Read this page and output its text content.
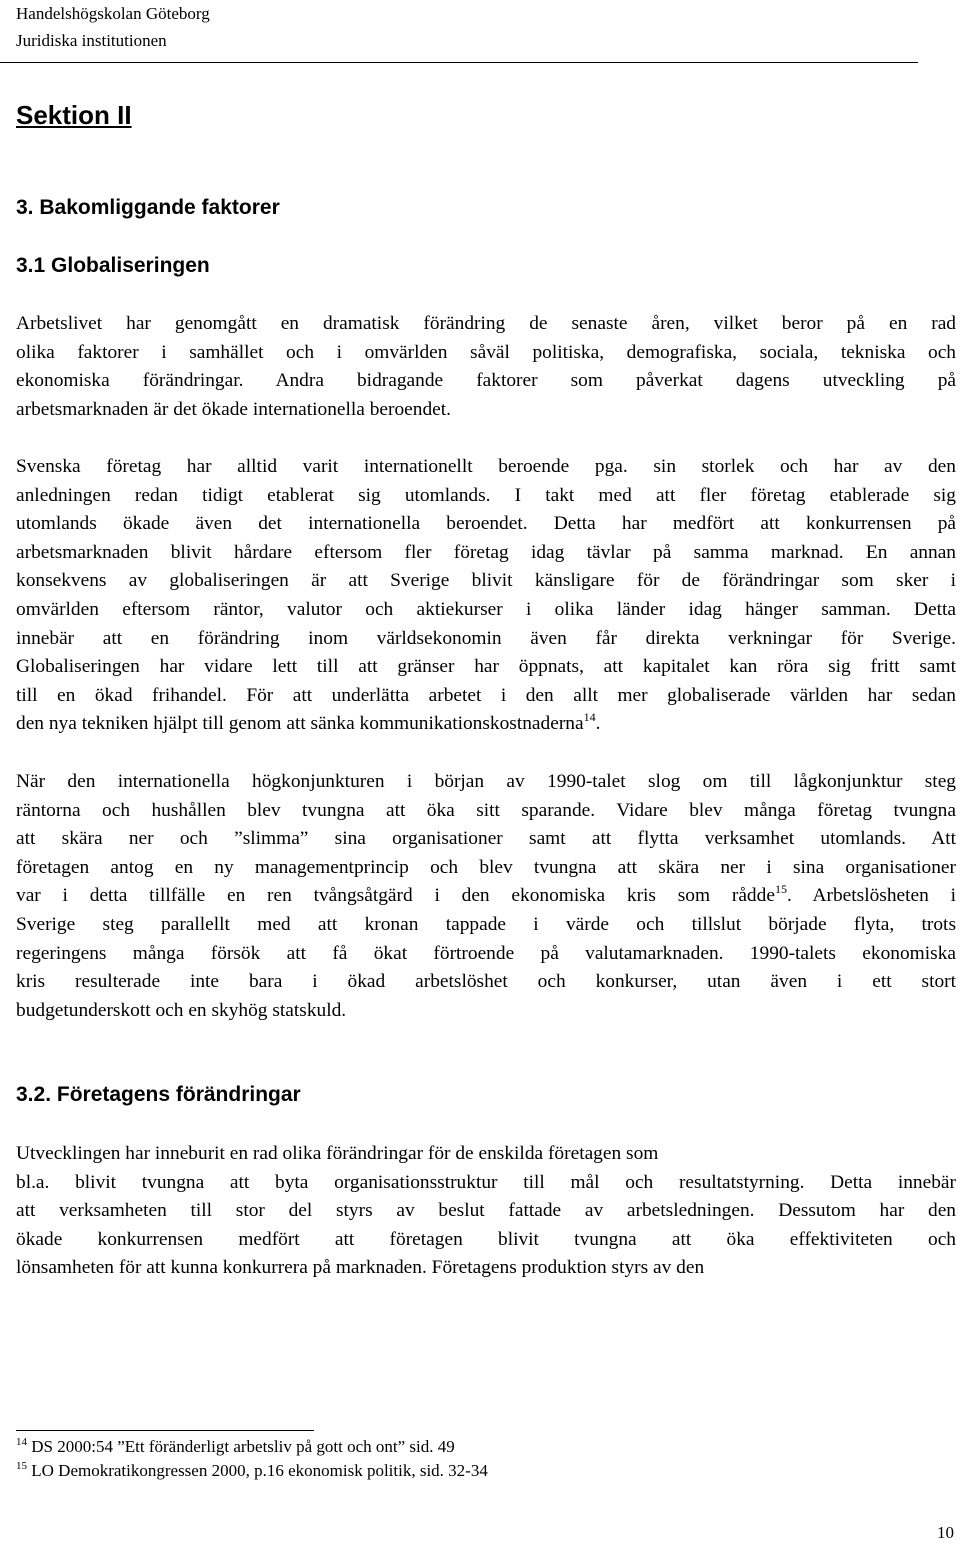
Handelshögskolan Göteborg
Juridiska institutionen
Sektion II
3. Bakomliggande faktorer
3.1 Globaliseringen
Arbetslivet har genomgått en dramatisk förändring de senaste åren, vilket beror på en rad
olika faktorer i samhället och i omvärlden såväl politiska, demografiska, sociala, tekniska och
ekonomiska förändringar. Andra bidragande faktorer som påverkat dagens utveckling på
arbetsmarknaden är det ökade internationella beroendet.
Svenska företag har alltid varit internationellt beroende pga. sin storlek och har av den
anledningen redan tidigt etablerat sig utomlands. I takt med att fler företag etablerade sig
utomlands ökade även det internationella beroendet. Detta har medfört att konkurrensen på
arbetsmarknaden blivit hårdare eftersom fler företag idag tävlar på samma marknad. En annan
konsekvens av globaliseringen är att Sverige blivit känsligare för de förändringar som sker i
omvärlden eftersom räntor, valutor och aktiekurser i olika länder idag hänger samman. Detta
innebär att en förändring inom världsekonomin även får direkta verkningar för Sverige.
Globaliseringen har vidare lett till att gränser har öppnats, att kapitalet kan röra sig fritt samt
till en ökad frihandel. För att underlätta arbetet i den allt mer globaliserade världen har sedan
den nya tekniken hjälpt till genom att sänka kommunikationskostnaderna$^{14}$.
När den internationella högkonjunkturen i början av 1990-talet slog om till lågkonjunktur steg
räntorna och hushållen blev tvungna att öka sitt sparande. Vidare blev många företag tvungna
att skära ner och ”slimma” sina organisationer samt att flytta verksamhet utomlands. Att
företagen antog en ny managementprincip och blev tvungna att skära ner i sina organisationer
var i detta tillfälle en ren tvångsåtgärd i den ekonomiska kris som rådde$^{15}$. Arbetslösheten i
Sverige steg parallellt med att kronan tappade i värde och tillslut började flyta, trots
regeringens många försök att få ökat förtroende på valutamarknaden. 1990-talets ekonomiska
kris resulterade inte bara i ökad arbetslöshet och konkurser, utan även i ett stort
budgetunderskott och en skyhög statskuld.
3.2. Företagens förändringar
Utvecklingen har inneburit en rad olika förändringar för de enskilda företagen som
bl.a. blivit tvungna att byta organisationsstruktur till mål och resultatstyrning. Detta innebär
att verksamheten till stor del styrs av beslut fattade av arbetsledningen. Dessutom har den
ökade konkurrensen medfört att företagen blivit tvungna att öka effektiviteten och
lönsamheten för att kunna konkurrera på marknaden. Företagens produktion styrs av den
$^{14}$ DS 2000:54 ”Ett föränderligt arbetsliv på gott och ont” sid. 49
$^{15}$ LO Demokratikongressen 2000, p.16 ekonomisk politik, sid. 32-34
10
